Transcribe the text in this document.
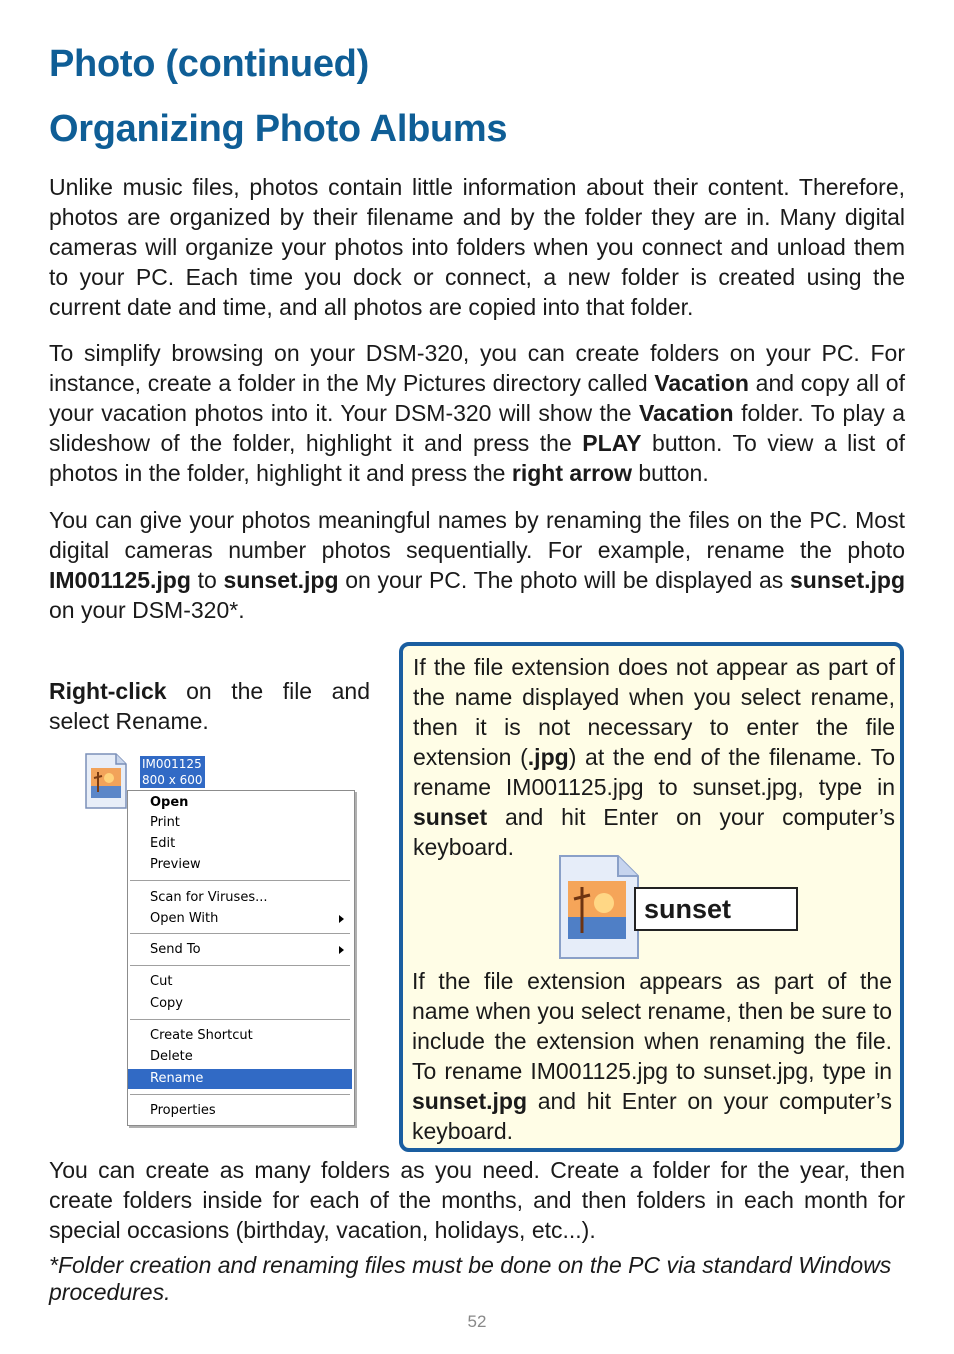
Photo (continued)
Organizing Photo Albums

Unlike music files, photos contain little information about their content. Therefore, photos are organized by their filename and by the folder they are in. Many digital cameras will organize your photos into folders when you connect and unload them to your PC. Each time you dock or connect, a new folder is created using the current date and time, and all photos are copied into that folder.

To simplify browsing on your DSM-320, you can create folders on your PC. For instance, create a folder in the My Pictures directory called Vacation and copy all of your vacation photos into it. Your DSM-320 will show the Vacation folder. To play a slideshow of the folder, highlight it and press the PLAY button. To view a list of photos in the folder, highlight it and press the right arrow button.

You can give your photos meaningful names by renaming the files on the PC. Most digital cameras number photos sequentially. For example, rename the photo IM001125.jpg to sunset.jpg on your PC. The photo will be displayed as sunset.jpg on your DSM-320*.

Right-click on the file and select Rename.

IM001125
800 x 600
Open
Print
Edit
Preview
Scan for Viruses...
Open With
Send To
Cut
Copy
Create Shortcut
Delete
Rename
Properties

If the file extension does not appear as part of the name displayed when you select rename, then it is not necessary to enter the file extension (.jpg) at the end of the filename. To rename IM001125.jpg to sunset.jpg, type in sunset and hit Enter on your computer’s keyboard.

sunset

If the file extension appears as part of the name when you select rename, then be sure to include the extension when renaming the file. To rename IM001125.jpg to sunset.jpg, type in sunset.jpg and hit Enter on your computer’s keyboard.

You can create as many folders as you need. Create a folder for the year, then create folders inside for each of the months, and then folders in each month for special occasions (birthday, vacation, holidays, etc...).

*Folder creation and renaming files must be done on the PC via standard Windows procedures.

52
